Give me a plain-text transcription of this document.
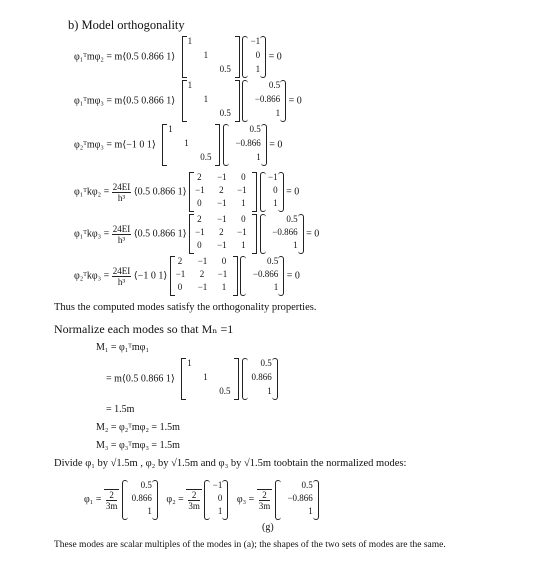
b) Model orthogonality
φ₁ᵀmφ₂ = m⟨0.5 0.866 1⟩
1
1
0.5

−1
0
1
= 0
φ₁ᵀmφ₃ = m⟨0.5 0.866 1⟩
1
1
0.5

0.5
−0.866
1
= 0
φ₂ᵀmφ₃ = m⟨−1 0 1⟩
1
1
0.5

0.5
−0.866
1
= 0
φ₁ᵀkφ₂ = $\frac{24EI}{\text{h³}}$ ⟨0.5 0.866 1⟩
2 −1 0
−1 2 −1
0 −1 1

−1
0
1
= 0
φ₁ᵀkφ₃ = $\frac{24EI}{\text{h³}}$ ⟨0.5 0.866 1⟩
2 −1 0
−1 2 −1
0 −1 1

0.5
−0.866
1
= 0
φ₂ᵀkφ₃ = $\frac{24EI}{\text{h³}}$ ⟨−1 0 1⟩
2 −1 0
−1 2 −1
0 −1 1

0.5
−0.866
1
= 0
Thus the computed modes satisfy the orthogonality properties.
Normalize each modes so that Mₙ =1
M₁ = φ₁ᵀmφ₁
= m⟨0.5 0.866 1⟩
1
1
0.5

0.5
0.866
1
= 1.5m
M₂ = φ₂ᵀmφ₂ = 1.5m
M₃ = φ₃ᵀmφ₃ = 1.5m
Divide φ₁ by √1.5m , φ₂ by √1.5m and φ₃ by √1.5m toobtain the normalized modes:
$\varphi_1 = \frac{2}{3m}$

0.5
0.866
1
$\varphi_2 = \frac{2}{3m}$

−1
0
1
$\varphi_3 = \frac{2}{3m}$

0.5
−0.866
1
(g)
These modes are scalar multiples of the modes in (a); the shapes of the two sets of modes are the same.
